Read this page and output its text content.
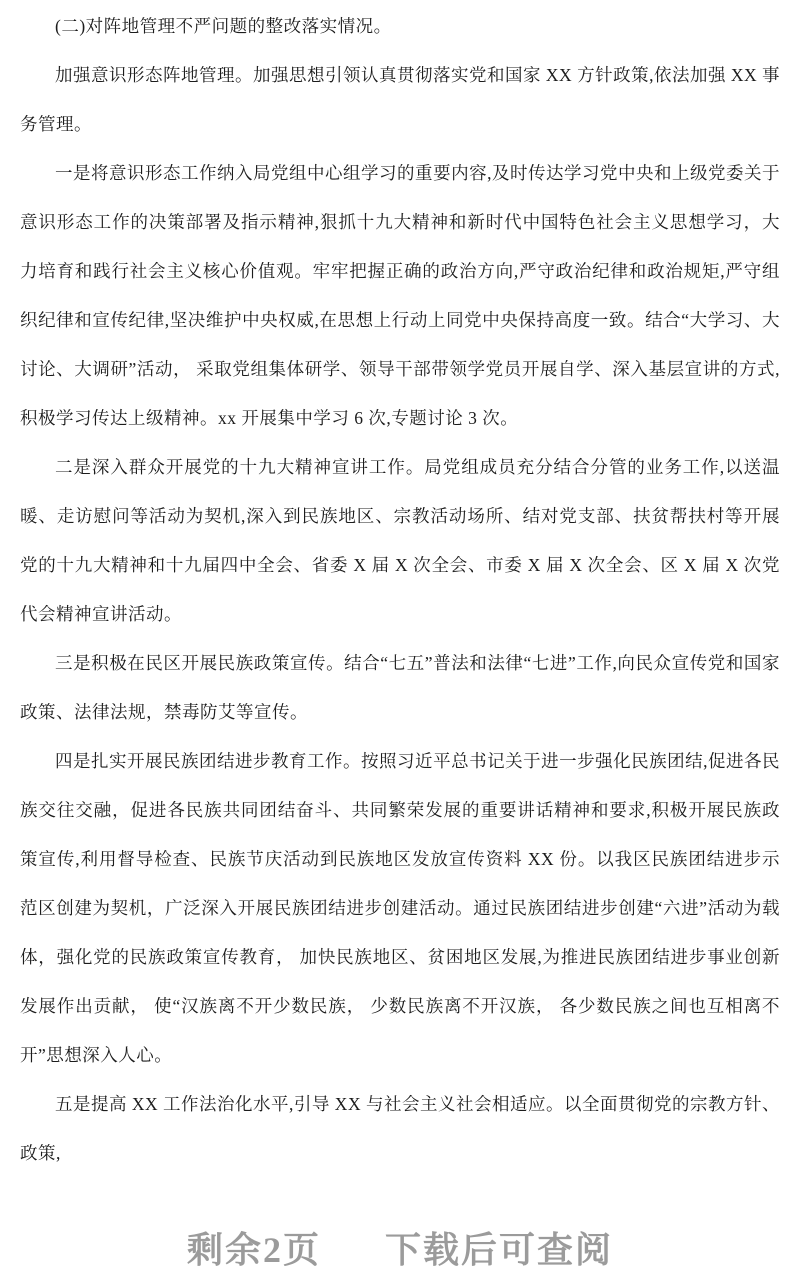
(二)对阵地管理不严问题的整改落实情况。

加强意识形态阵地管理。加强思想引领认真贯彻落实党和国家 XX 方针政策,依法加强 XX 事务管理。

一是将意识形态工作纳入局党组中心组学习的重要内容,及时传达学习党中央和上级党委关于意识形态工作的决策部署及指示精神,狠抓十九大精神和新时代中国特色社会主义思想学习，大力培育和践行社会主义核心价值观。牢牢把握正确的政治方向,严守政治纪律和政治规矩,严守组织纪律和宣传纪律,坚决维护中央权威,在思想上行动上同党中央保持高度一致。结合“大学习、大讨论、大调研”活动， 采取党组集体研学、领导干部带领学党员开展自学、深入基层宣讲的方式,积极学习传达上级精神。xx 开展集中学习 6 次,专题讨论 3 次。

二是深入群众开展党的十九大精神宣讲工作。局党组成员充分结合分管的业务工作,以送温暖、走访慰问等活动为契机,深入到民族地区、宗教活动场所、结对党支部、扶贫帮扶村等开展党的十九大精神和十九届四中全会、省委 X 届 X 次全会、市委 X 届 X 次全会、区 X 届 X 次党代会精神宣讲活动。

三是积极在民区开展民族政策宣传。结合“七五”普法和法律“七进”工作,向民众宣传党和国家政策、法律法规，禁毒防艾等宣传。

四是扎实开展民族团结进步教育工作。按照习近平总书记关于进一步强化民族团结,促进各民族交往交融，促进各民族共同团结奋斗、共同繁荣发展的重要讲话精神和要求,积极开展民族政策宣传,利用督导检查、民族节庆活动到民族地区发放宣传资料 XX 份。以我区民族团结进步示范区创建为契机，广泛深入开展民族团结进步创建活动。通过民族团结进步创建“六进”活动为载体，强化党的民族政策宣传教育， 加快民族地区、贫困地区发展,为推进民族团结进步事业创新发展作出贡献， 使“汉族离不开少数民族， 少数民族离不开汉族， 各少数民族之间也互相离不开”思想深入人心。

五是提高 XX 工作法治化水平,引导 XX 与社会主义社会相适应。以全面贯彻党的宗教方针、政策,

剩余2页 下载后可查阅
